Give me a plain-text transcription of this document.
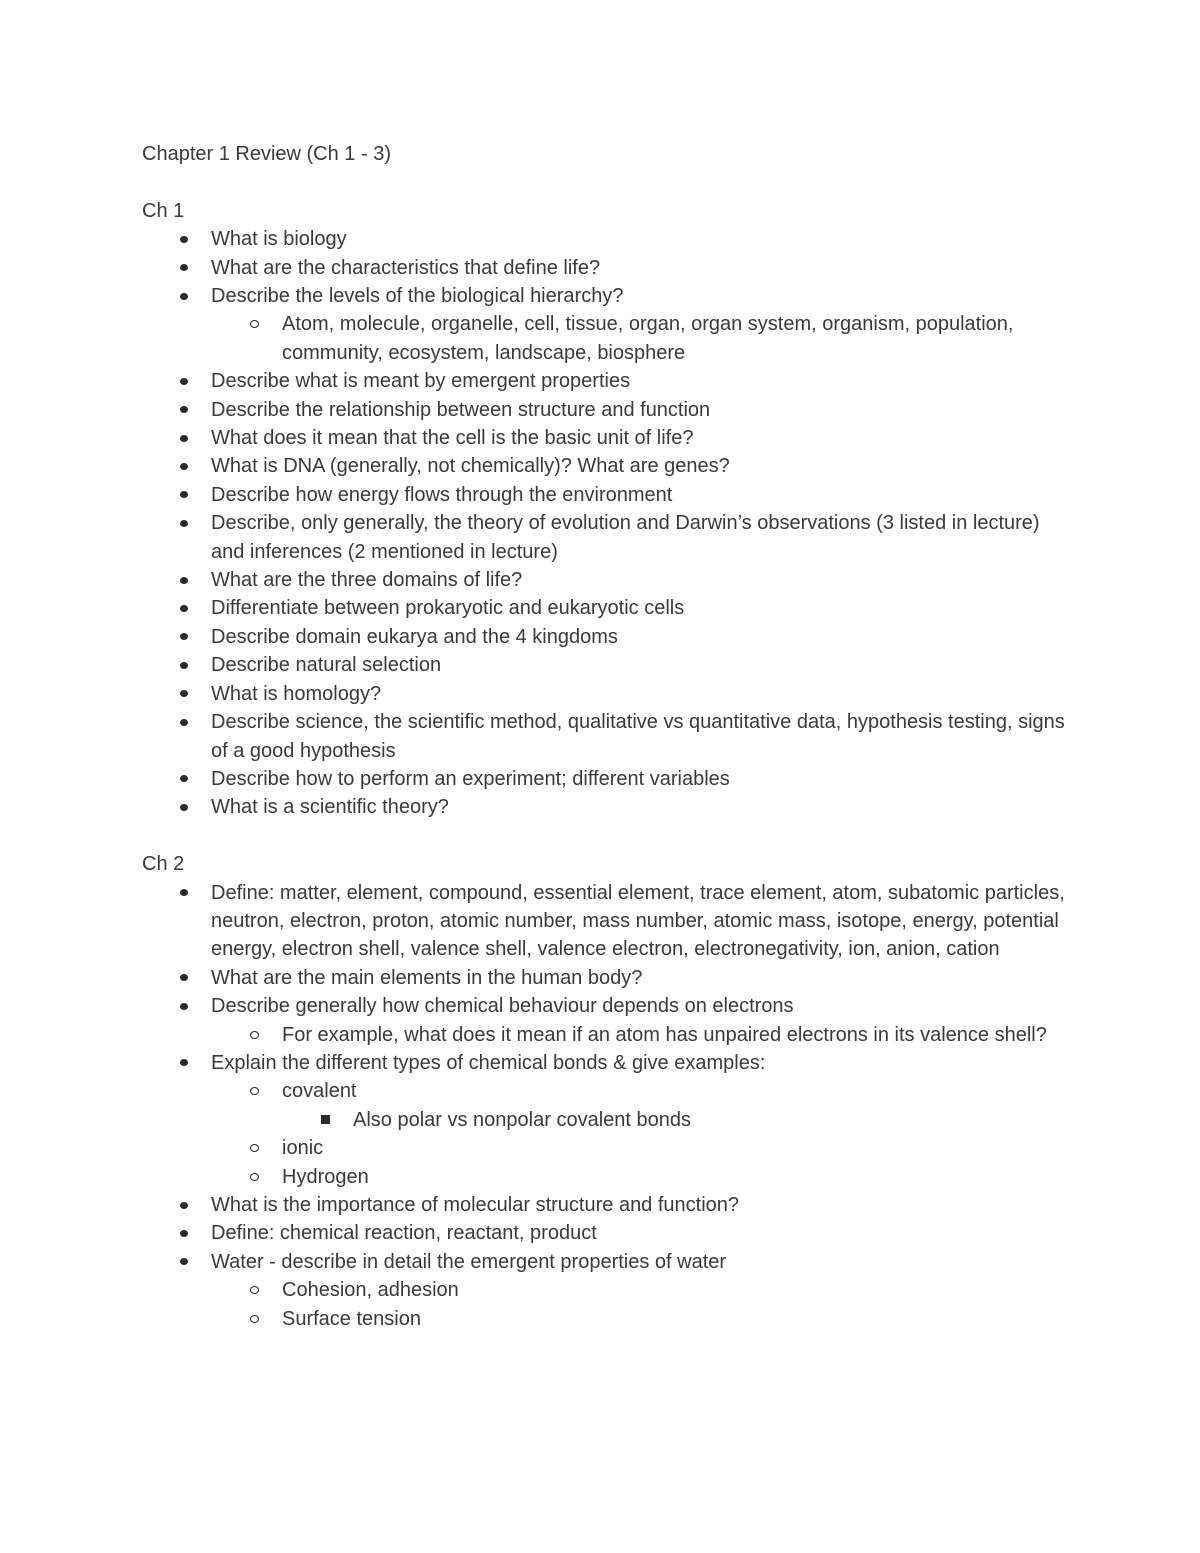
Chapter 1 Review (Ch 1 - 3)
Ch 1
What is biology
What are the characteristics that define life?
Describe the levels of the biological hierarchy?
Atom, molecule, organelle, cell, tissue, organ, organ system, organism, population, community, ecosystem, landscape, biosphere
Describe what is meant by emergent properties
Describe the relationship between structure and function
What does it mean that the cell is the basic unit of life?
What is DNA (generally, not chemically)? What are genes?
Describe how energy flows through the environment
Describe, only generally, the theory of evolution and Darwin’s observations (3 listed in lecture) and inferences (2 mentioned in lecture)
What are the three domains of life?
Differentiate between prokaryotic and eukaryotic cells
Describe domain eukarya and the 4 kingdoms
Describe natural selection
What is homology?
Describe science, the scientific method, qualitative vs quantitative data, hypothesis testing, signs of a good hypothesis
Describe how to perform an experiment; different variables
What is a scientific theory?
Ch 2
Define: matter, element, compound, essential element, trace element, atom, subatomic particles, neutron, electron, proton, atomic number, mass number, atomic mass, isotope, energy, potential energy, electron shell, valence shell, valence electron, electronegativity, ion, anion, cation
What are the main elements in the human body?
Describe generally how chemical behaviour depends on electrons
For example, what does it mean if an atom has unpaired electrons in its valence shell?
Explain the different types of chemical bonds & give examples:
covalent
Also polar vs nonpolar covalent bonds
ionic
Hydrogen
What is the importance of molecular structure and function?
Define: chemical reaction, reactant, product
Water - describe in detail the emergent properties of water
Cohesion, adhesion
Surface tension
